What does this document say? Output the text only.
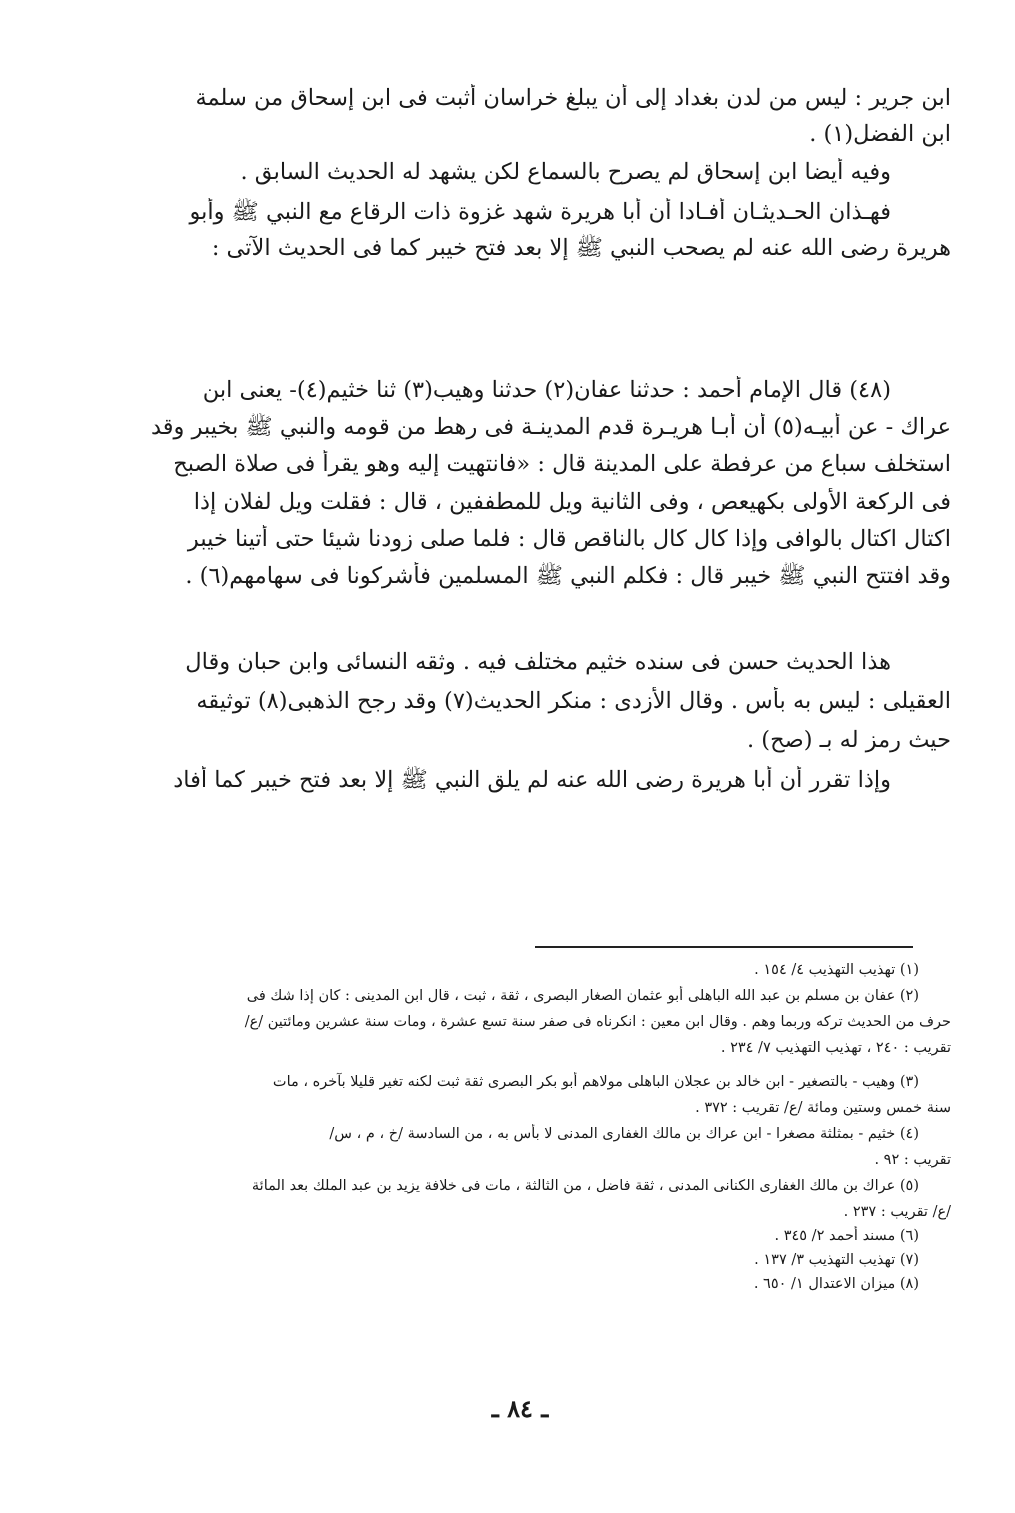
ابن جرير : ليس من لدن بغداد إلى أن يبلغ خراسان أثبت فى ابن إسحاق من سلمة
ابن الفضل(١) .
وفيه أيضا ابن إسحاق لم يصرح بالسماع لكن يشهد له الحديث السابق .
فهـذان الحـديثـان أفـادا أن أبا هريرة شهد غزوة ذات الرقاع مع النبي ﷺ وأبو
هريرة رضى الله عنه لم يصحب النبي ﷺ إلا بعد فتح خيبر كما فى الحديث الآتى :
(٤٨) قال الإمام أحمد : حدثنا عفان(٢) حدثنا وهيب(٣) ثنا خثيم(٤)- يعنى ابن
عراك - عن أبيـه(٥) أن أبـا هريـرة قدم المدينـة فى رهط من قومه والنبي ﷺ بخيبر وقد
استخلف سباع من عرفطة على المدينة قال : «فانتهيت إليه وهو يقرأ فى صلاة الصبح
فى الركعة الأولى بكهيعص ، وفى الثانية ويل للمطففين ، قال : فقلت ويل لفلان إذا
اكتال اكتال بالوافى وإذا كال كال بالناقص قال : فلما صلى زودنا شيئا حتى أتينا خيبر
وقد افتتح النبي ﷺ خيبر قال : فكلم النبي ﷺ المسلمين فأشركونا فى سهامهم(٦) .
هذا الحديث حسن فى سنده خثيم مختلف فيه . وثقه النسائى وابن حبان وقال
العقيلى : ليس به بأس . وقال الأزدى : منكر الحديث(٧) وقد رجح الذهبى(٨) توثيقه
حيث رمز له بـ (صح) .
وإذا تقرر أن أبا هريرة رضى الله عنه لم يلق النبي ﷺ إلا بعد فتح خيبر كما أفاد
(١) تهذيب التهذيب ٤/ ١٥٤ .
(٢) عفان بن مسلم بن عبد الله الباهلى أبو عثمان الصغار البصرى ، ثقة ، ثبت ، قال ابن المدينى : كان إذا شك فى
حرف من الحديث تركه وربما وهم . وقال ابن معين : انكرناه فى صفر سنة تسع عشرة ، ومات سنة عشرين ومائتين /ع/
تقريب : ٢٤٠ ، تهذيب التهذيب ٧/ ٢٣٤ .
(٣) وهيب - بالتصغير - ابن خالد بن عجلان الباهلى مولاهم أبو بكر البصرى ثقة ثبت لكنه تغير قليلا بآخره ، مات
سنة خمس وستين ومائة /ع/ تقريب : ٣٧٢ .
(٤) خثيم - بمثلثة مصغرا - ابن عراك بن مالك الغفارى المدنى لا بأس به ، من السادسة /خ ، م ، س/
تقريب : ٩٢ .
(٥) عراك بن مالك الغفارى الكنانى المدنى ، ثقة فاضل ، من الثالثة ، مات فى خلافة يزيد بن عبد الملك بعد المائة
/ع/ تقريب : ٢٣٧ .
(٦) مسند أحمد ٢/ ٣٤٥ .
(٧) تهذيب التهذيب ٣/ ١٣٧ .
(٨) ميزان الاعتدال ١/ ٦٥٠ .
ـ ٨٤ ـ
